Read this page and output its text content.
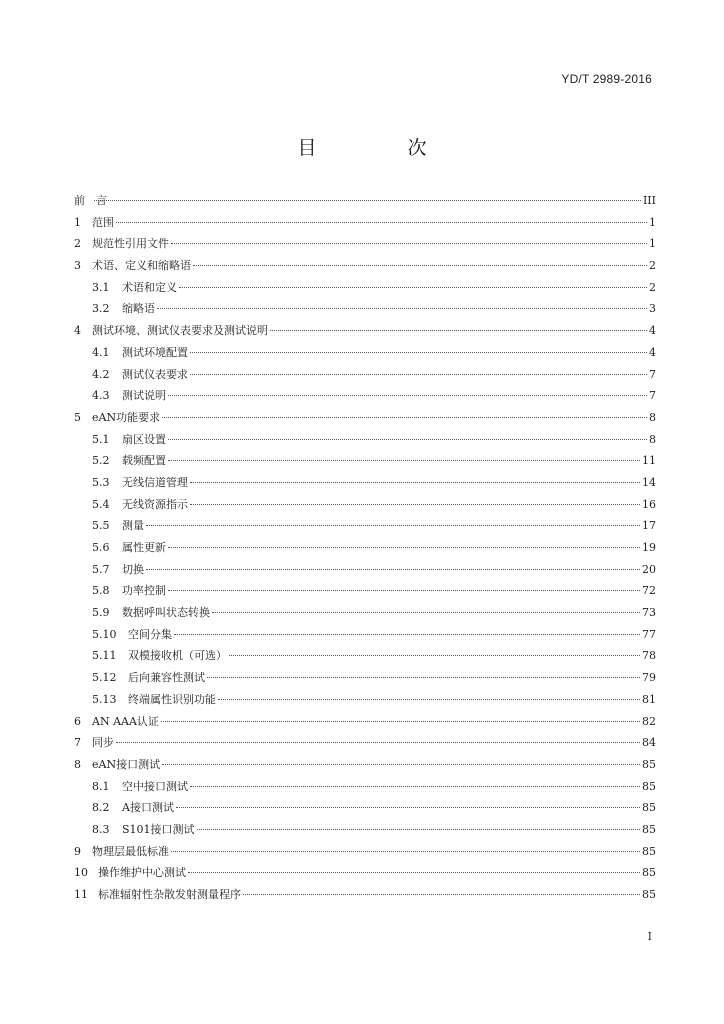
YD/T 2989-2016
目　次
前　言	III
1 范围	1
2 规范性引用文件	1
3 术语、定义和缩略语	2
3.1 术语和定义	2
3.2 缩略语	3
4 测试环境、测试仪表要求及测试说明	4
4.1 测试环境配置	4
4.2 测试仪表要求	7
4.3 测试说明	7
5 eAN功能要求	8
5.1 扇区设置	8
5.2 载频配置	11
5.3 无线信道管理	14
5.4 无线资源指示	16
5.5 测量	17
5.6 属性更新	19
5.7 切换	20
5.8 功率控制	72
5.9 数据呼叫状态转换	73
5.10 空间分集	77
5.11 双模接收机（可选）	78
5.12 后向兼容性测试	79
5.13 终端属性识别功能	81
6 AN AAA认证	82
7 同步	84
8 eAN接口测试	85
8.1 空中接口测试	85
8.2 A接口测试	85
8.3 S101接口测试	85
9 物理层最低标准	85
10 操作维护中心测试	85
11 标准辐射性杂散发射测量程序	85
I
